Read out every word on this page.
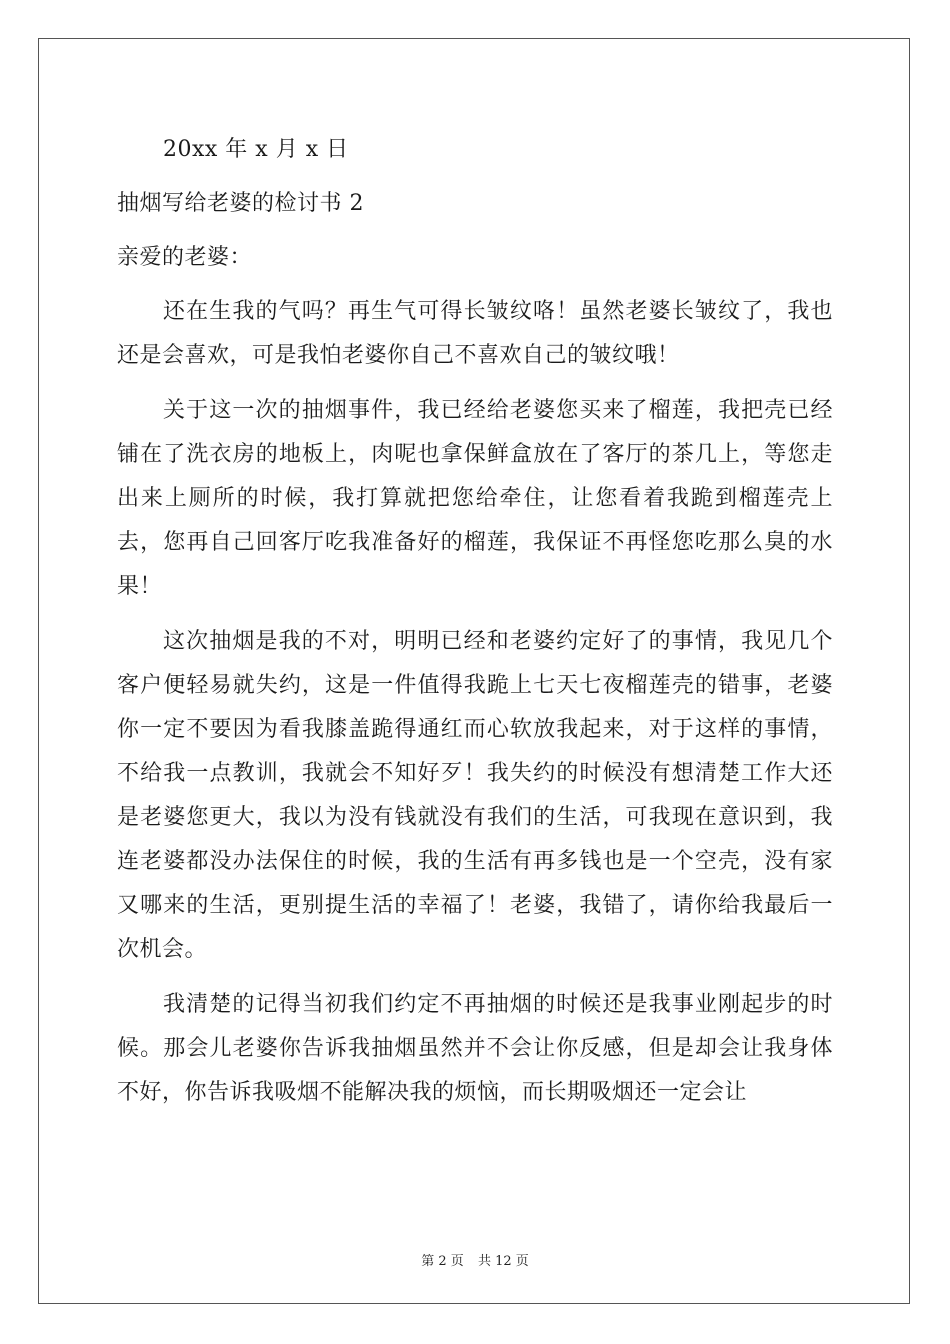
20xx 年 x 月 x 日

抽烟写给老婆的检讨书 2

亲爱的老婆：

还在生我的气吗？再生气可得长皱纹咯！虽然老婆长皱纹了，我也还是会喜欢，可是我怕老婆你自己不喜欢自己的皱纹哦！

关于这一次的抽烟事件，我已经给老婆您买来了榴莲，我把壳已经铺在了洗衣房的地板上，肉呢也拿保鲜盒放在了客厅的茶几上，等您走出来上厕所的时候，我打算就把您给牵住，让您看着我跪到榴莲壳上去，您再自己回客厅吃我准备好的榴莲，我保证不再怪您吃那么臭的水果！

这次抽烟是我的不对，明明已经和老婆约定好了的事情，我见几个客户便轻易就失约，这是一件值得我跪上七天七夜榴莲壳的错事，老婆你一定不要因为看我膝盖跪得通红而心软放我起来，对于这样的事情，不给我一点教训，我就会不知好歹！我失约的时候没有想清楚工作大还是老婆您更大，我以为没有钱就没有我们的生活，可我现在意识到，我连老婆都没办法保住的时候，我的生活有再多钱也是一个空壳，没有家又哪来的生活，更别提生活的幸福了！老婆，我错了，请你给我最后一次机会。

我清楚的记得当初我们约定不再抽烟的时候还是我事业刚起步的时候。那会儿老婆你告诉我抽烟虽然并不会让你反感，但是却会让我身体不好，你告诉我吸烟不能解决我的烦恼，而长期吸烟还一定会让

第 2 页 共 12 页
